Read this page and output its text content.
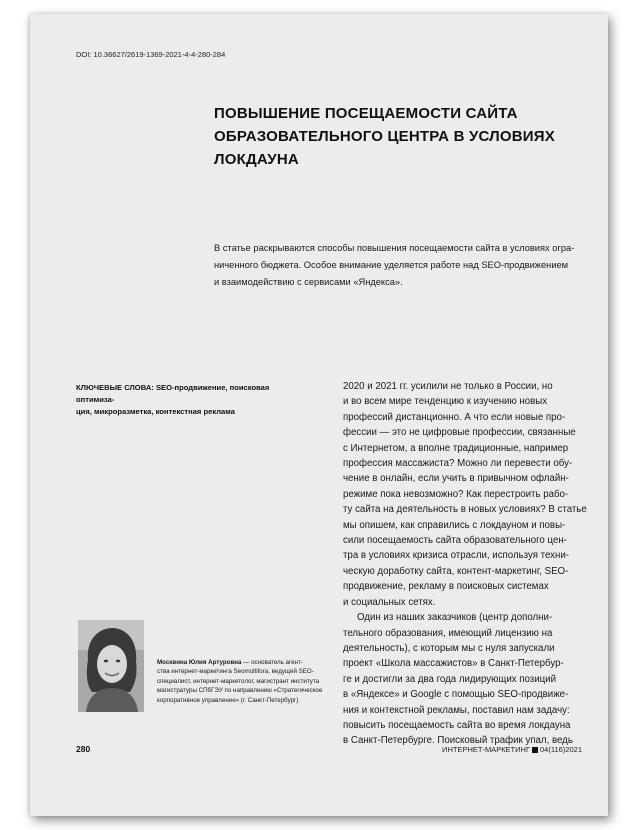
DOI: 10.36627/2619-1369-2021-4-4-280-284
ПОВЫШЕНИЕ ПОСЕЩАЕМОСТИ САЙТА
ОБРАЗОВАТЕЛЬНОГО ЦЕНТРА В УСЛОВИЯХ
ЛОКДАУНА
В статье раскрываются способы повышения посещаемости сайта в условиях огра-
ниченного бюджета. Особое внимание уделяется работе над SEO-продвижением
и взаимодействию с сервисами «Яндекса».
КЛЮЧЕВЫЕ СЛОВА: SEO-продвижение, поисковая оптимиза-
ция, микроразметка, контекстная реклама
2020 и 2021 гг. усилили не только в России, но
и во всем мире тенденцию к изучению новых
профессий дистанционно. А что если новые про-
фессии — это не цифровые профессии, связанные
с Интернетом, а вполне традиционные, например
профессия массажиста? Можно ли перевести обу-
чение в онлайн, если учить в привычном офлайн-
режиме пока невозможно? Как перестроить рабо-
ту сайта на деятельность в новых условиях? В статье
мы опишем, как справились с локдауном и повы-
сили посещаемость сайта образовательного цен-
тра в условиях кризиса отрасли, используя техни-
ческую доработку сайта, контент-маркетинг, SEO-
продвижение, рекламу в поисковых системах
и социальных сетях.
Один из наших заказчиков (центр дополни-
тельного образования, имеющий лицензию на
деятельность), с которым мы с нуля запускали
проект «Школа массажистов» в Санкт-Петербур-
ге и достигли за два года лидирующих позиций
в «Яндексе» и Google с помощью SEO-продвиже-
ния и контекстной рекламы, поставил нам задачу:
повысить посещаемость сайта во время локдауна
в Санкт-Петербурге. Поисковый трафик упал, ведь
Москвина Юлия Артуровна — основатель агент-
ства интернет-маркетинга Seomultifora, ведущий SEO-
специалист, интернет-маркетолог, магистрант института
магистратуры СПбГЭУ по направлению «Стратегическое
корпоративное управление» (г. Санкт-Петербург)
280	ИНТЕРНЕТ-МАРКЕТИНГ 04(116)2021
